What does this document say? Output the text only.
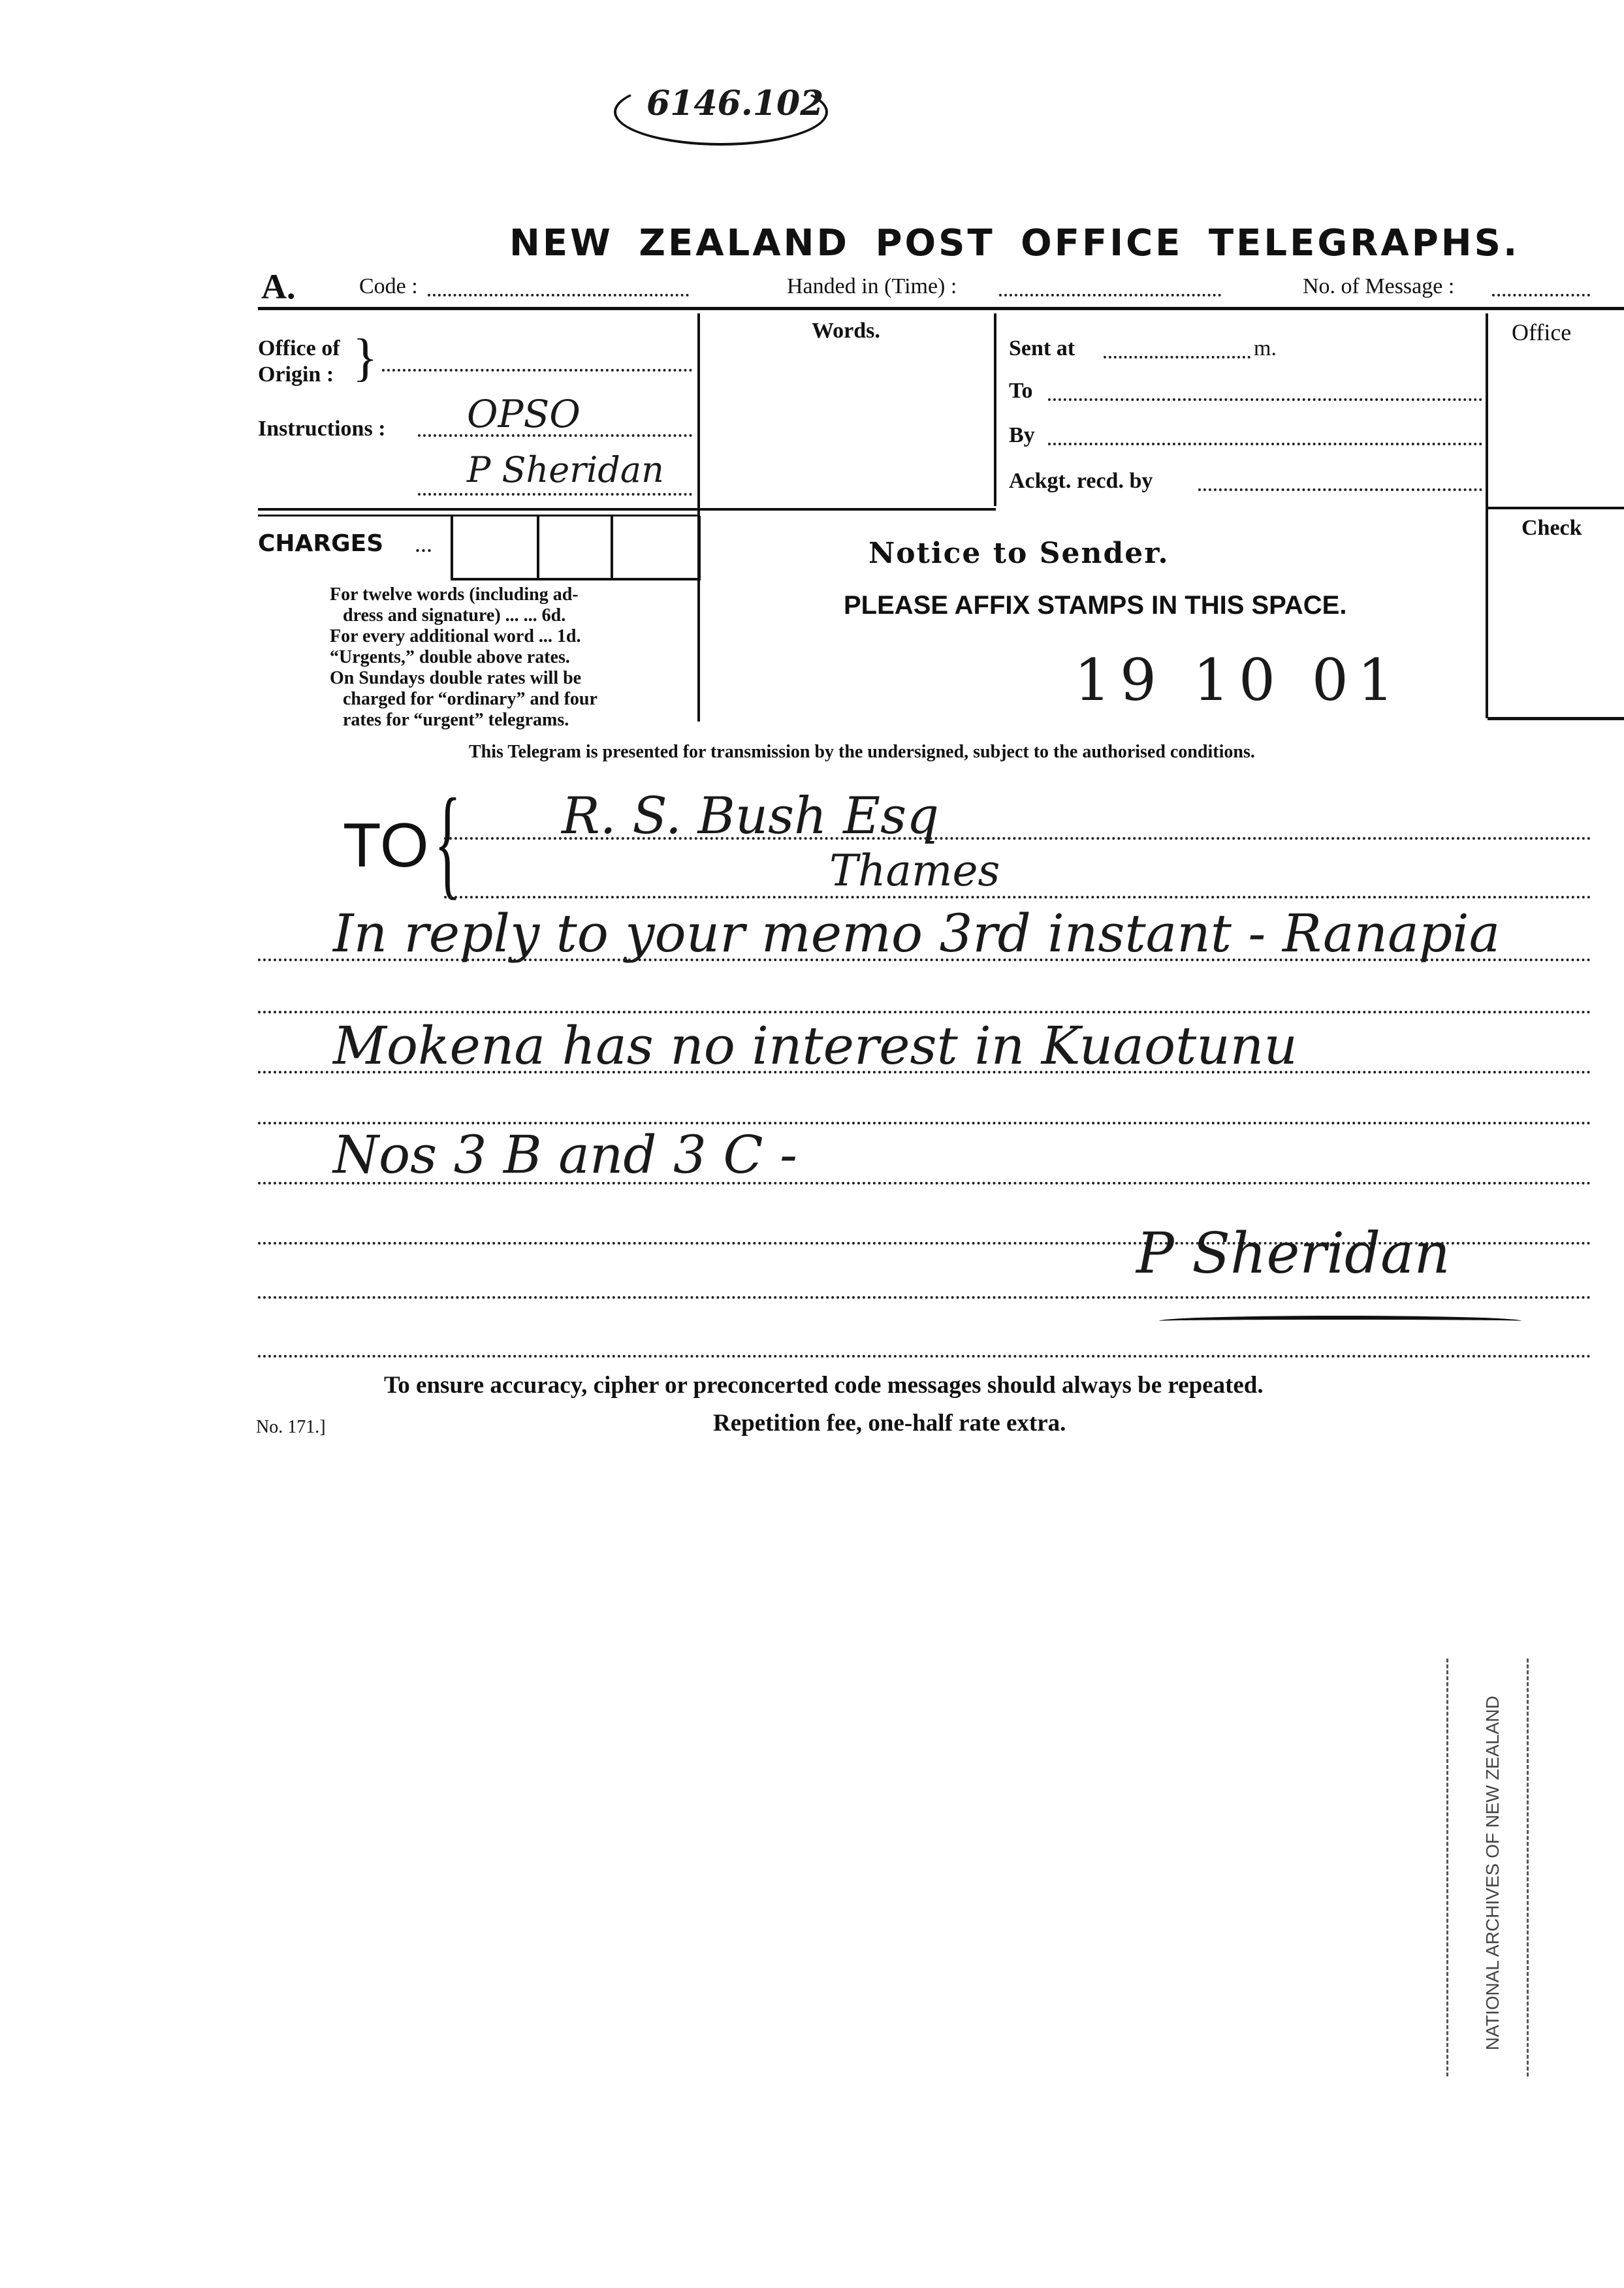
6146.102
NEW ZEALAND POST OFFICE TELEGRAPHS.
A.	Code :	Handed in (Time) :	No. of Message :
Office of
Origin : }
Instructions : OPSO
P Sheridan
Words.
Sent at	m.
To
By
Ackgt. recd. by
Office
Check
CHARGES ...
For twelve words (including ad-
dress and signature) ... ... 6d.
For every additional word ... 1d.
“Urgents,” double above rates.
On Sundays double rates will be
charged for “ordinary” and four
rates for “urgent” telegrams.
Notice to Sender.
PLEASE AFFIX STAMPS IN THIS SPACE.
19 10 01
This Telegram is presented for transmission by the undersigned, subject to the authorised conditions.
TO { R. S. Bush Esq
Thames
In reply to your memo 3rd instant - Ranapia
Mokena has no interest in Kuaotunu
Nos 3 B and 3 C -
P Sheridan
To ensure accuracy, cipher or preconcerted code messages should always be repeated.
No. 171.]	Repetition fee, one-half rate extra.
NATIONAL ARCHIVES OF NEW ZEALAND
